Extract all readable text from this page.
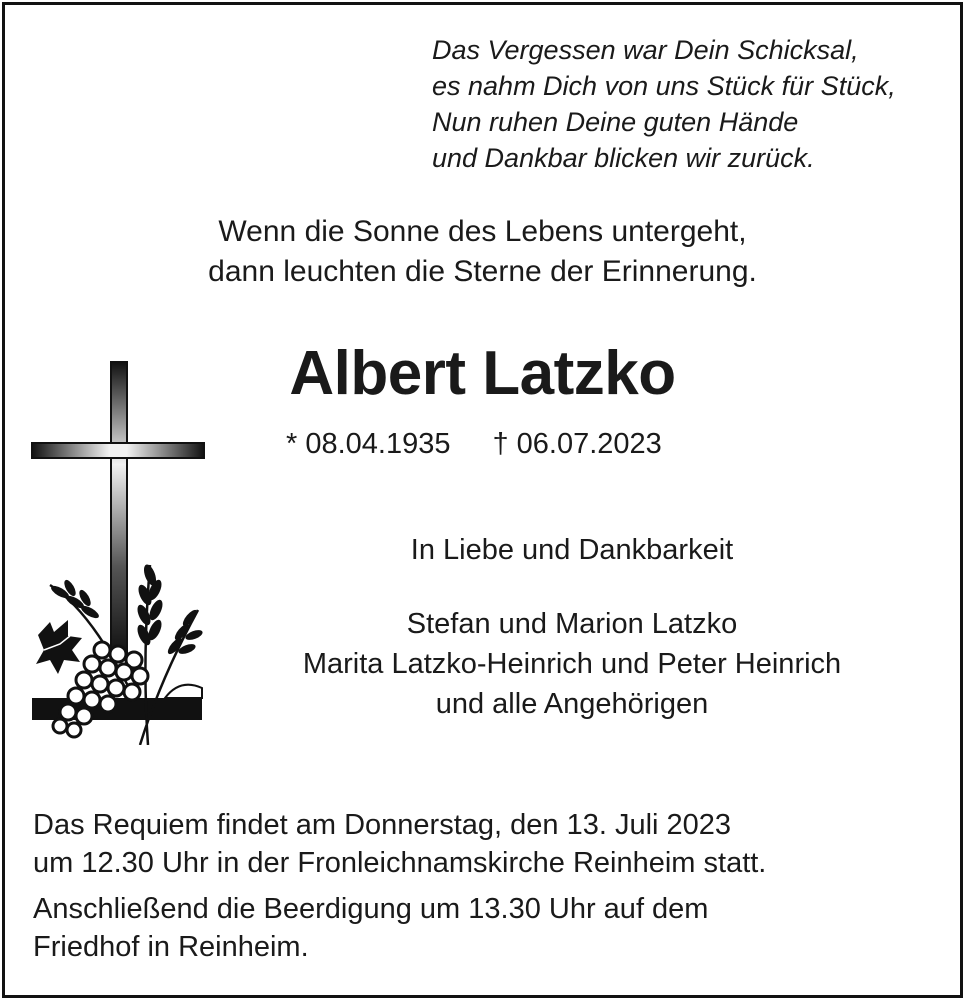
Das Vergessen war Dein Schicksal,
es nahm Dich von uns Stück für Stück,
Nun ruhen Deine guten Hände
und Dankbar blicken wir zurück.
Wenn die Sonne des Lebens untergeht,
dann leuchten die Sterne der Erinnerung.
Albert Latzko
* 08.04.1935 † 06.07.2023
In Liebe und Dankbarkeit
Stefan und Marion Latzko
Marita Latzko-Heinrich und Peter Heinrich
und alle Angehörigen
Das Requiem findet am Donnerstag, den 13. Juli 2023
um 12.30 Uhr in der Fronleichnamskirche Reinheim statt.
Anschließend die Beerdigung um 13.30 Uhr auf dem
Friedhof in Reinheim.
